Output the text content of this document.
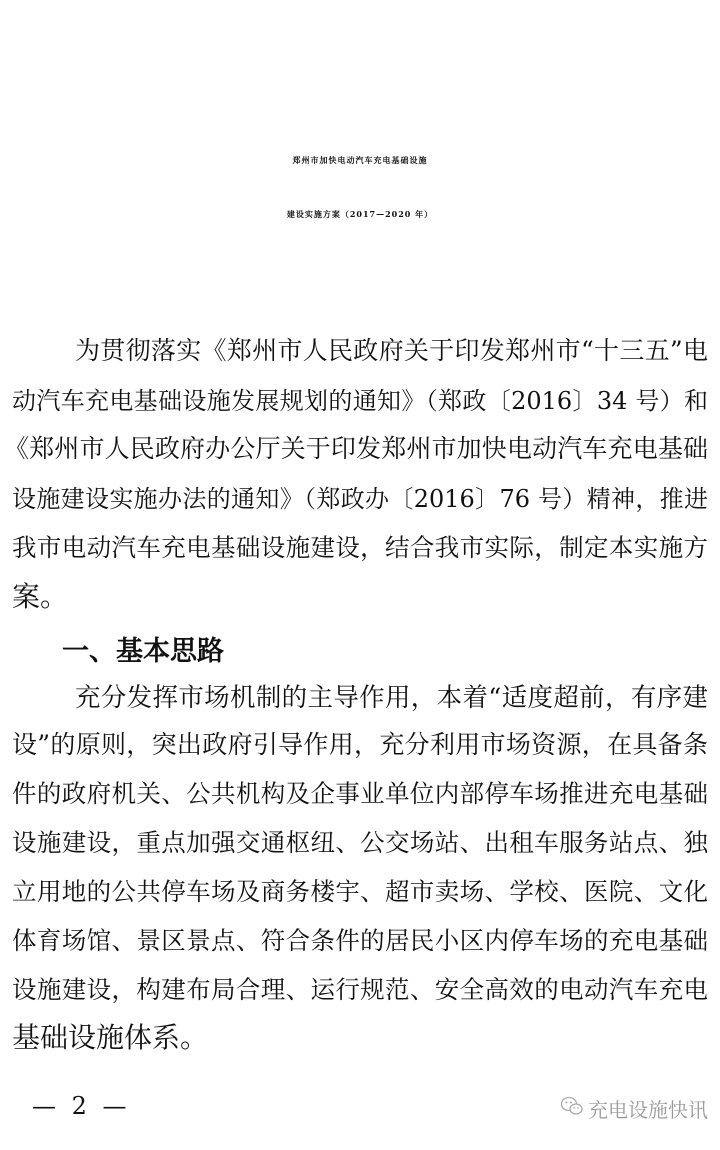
郑州市加快电动汽车充电基础设施
建设实施方案（2017—2020 年）
为贯彻落实《郑州市人民政府关于印发郑州市“十三五”电
动汽车充电基础设施发展规划的通知》（郑政〔2016〕34 号）和
《郑州市人民政府办公厅关于印发郑州市加快电动汽车充电基础
设施建设实施办法的通知》（郑政办〔2016〕76 号）精神，推进
我市电动汽车充电基础设施建设，结合我市实际，制定本实施方
案。
一、基本思路
充分发挥市场机制的主导作用，本着“适度超前，有序建
设”的原则，突出政府引导作用，充分利用市场资源，在具备条
件的政府机关、公共机构及企事业单位内部停车场推进充电基础
设施建设，重点加强交通枢纽、公交场站、出租车服务站点、独
立用地的公共停车场及商务楼宇、超市卖场、学校、医院、文化
体育场馆、景区景点、符合条件的居民小区内停车场的充电基础
设施建设，构建布局合理、运行规范、安全高效的电动汽车充电
基础设施体系。
— 2 —	充电设施快讯
